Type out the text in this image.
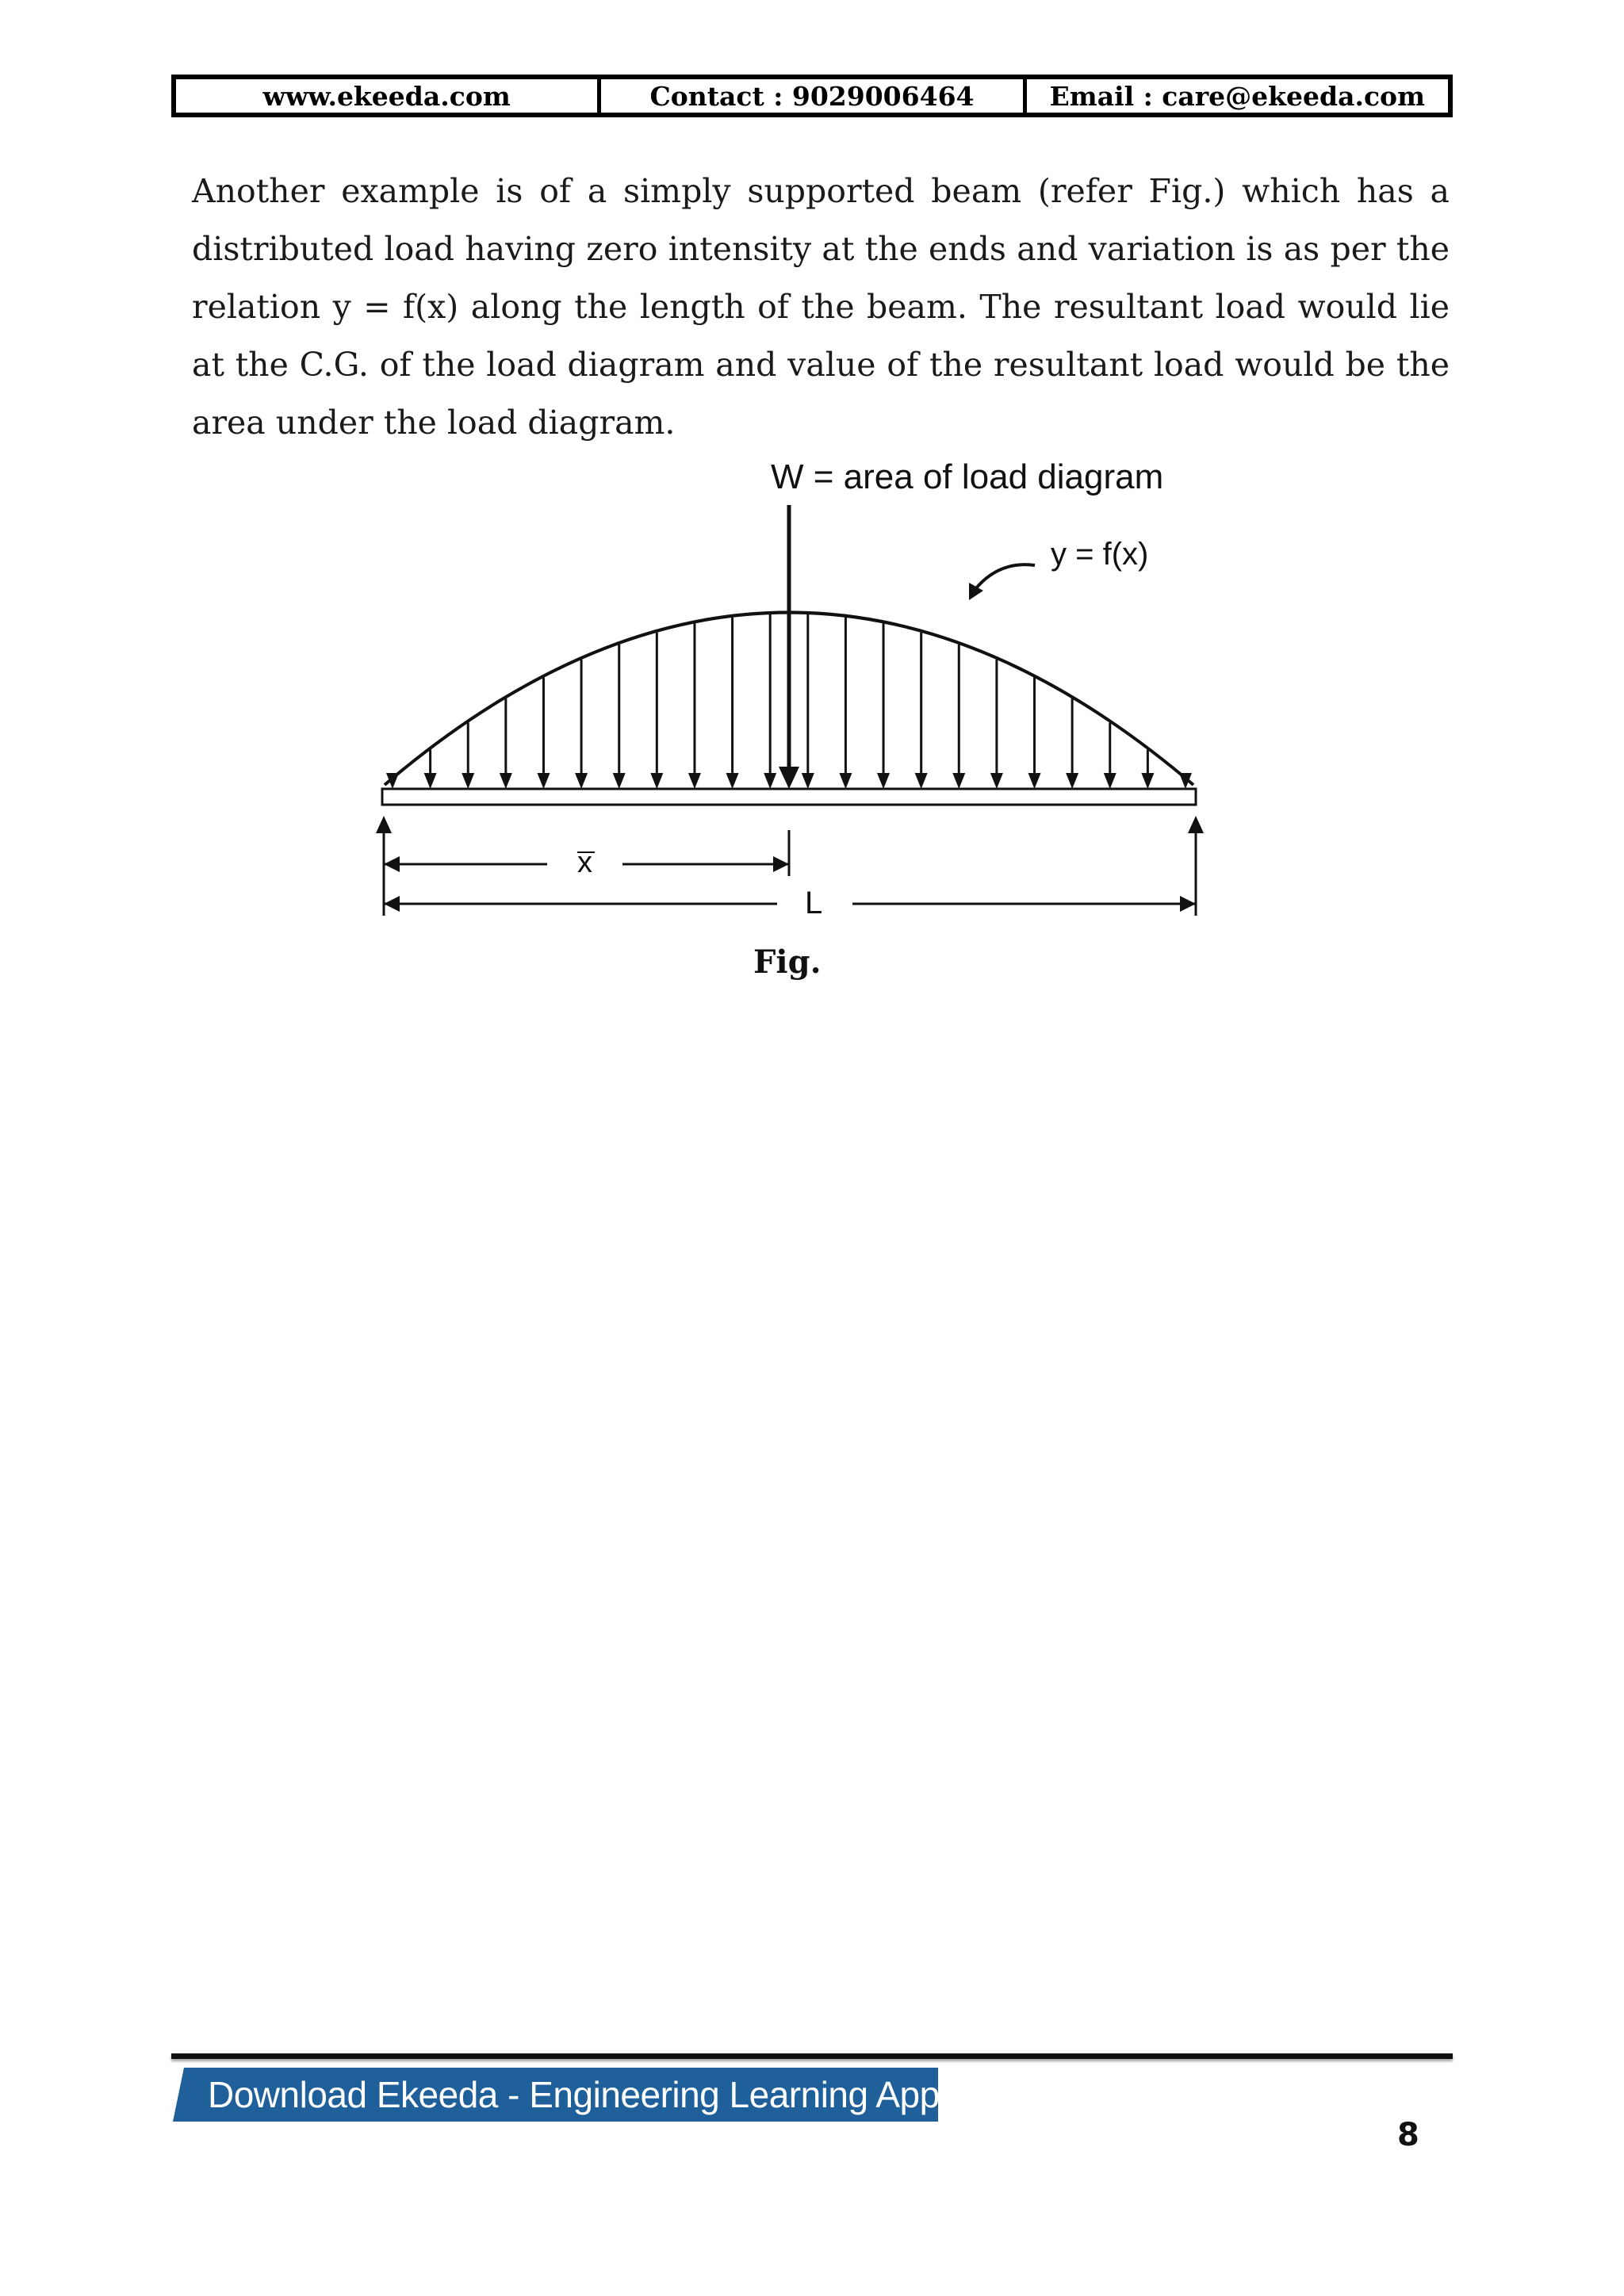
www.ekeeda.com	Contact : 9029006464	Email : care@ekeeda.com

Another example is of a simply supported beam (refer Fig.) which has a distributed load having zero intensity at the ends and variation is as per the relation y = f(x) along the length of the beam. The resultant load would lie at the C.G. of the load diagram and value of the resultant load would be the area under the load diagram.

W = area of load diagram
y = f(x)
x
L
Fig.
Download Ekeeda - Engineering Learning App
8
